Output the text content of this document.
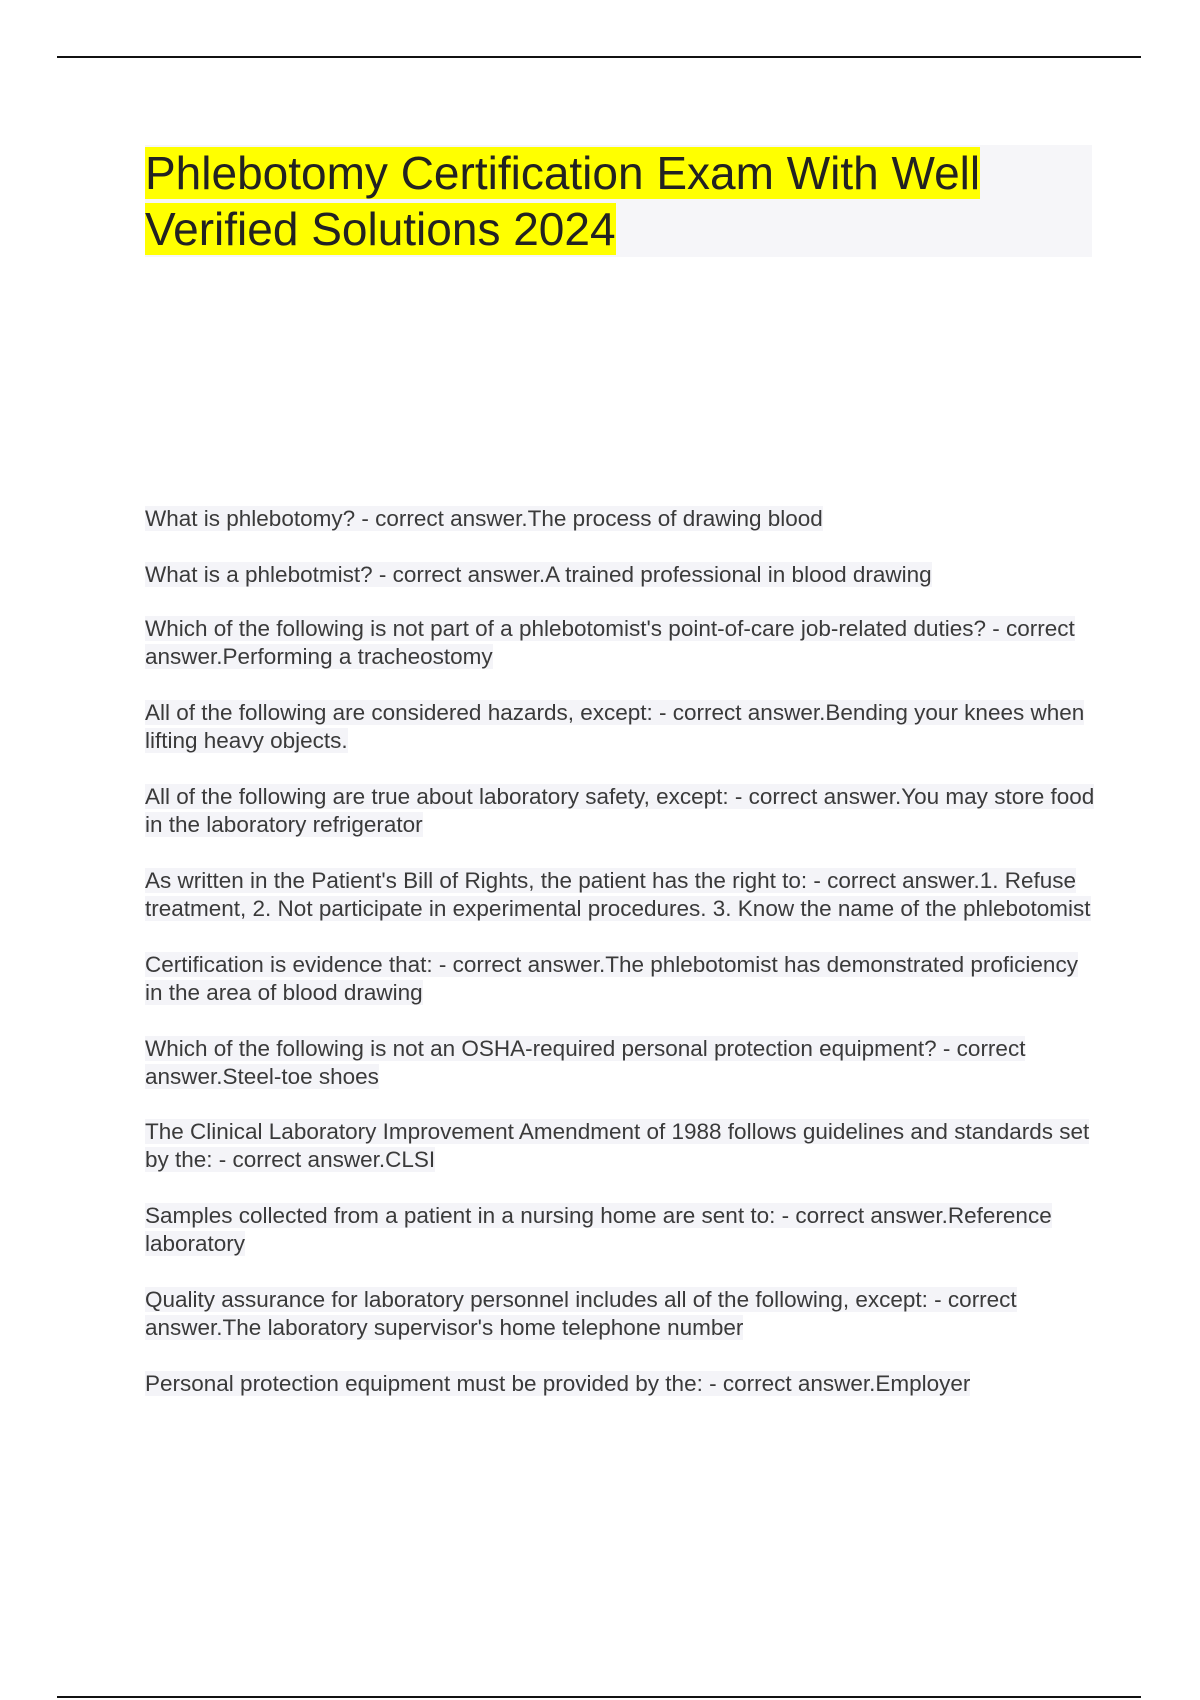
Phlebotomy Certification Exam With Well Verified Solutions 2024
What is phlebotomy? - correct answer.The process of drawing blood
What is a phlebotmist? - correct answer.A trained professional in blood drawing
Which of the following is not part of a phlebotomist's point-of-care job-related duties? - correct answer.Performing a tracheostomy
All of the following are considered hazards, except: - correct answer.Bending your knees when lifting heavy objects.
All of the following are true about laboratory safety, except: - correct answer.You may store food in the laboratory refrigerator
As written in the Patient's Bill of Rights, the patient has the right to: - correct answer.1. Refuse treatment, 2. Not participate in experimental procedures. 3. Know the name of the phlebotomist
Certification is evidence that: - correct answer.The phlebotomist has demonstrated proficiency in the area of blood drawing
Which of the following is not an OSHA-required personal protection equipment? - correct answer.Steel-toe shoes
The Clinical Laboratory Improvement Amendment of 1988 follows guidelines and standards set by the: - correct answer.CLSI
Samples collected from a patient in a nursing home are sent to: - correct answer.Reference laboratory
Quality assurance for laboratory personnel includes all of the following, except: - correct answer.The laboratory supervisor's home telephone number
Personal protection equipment must be provided by the: - correct answer.Employer
